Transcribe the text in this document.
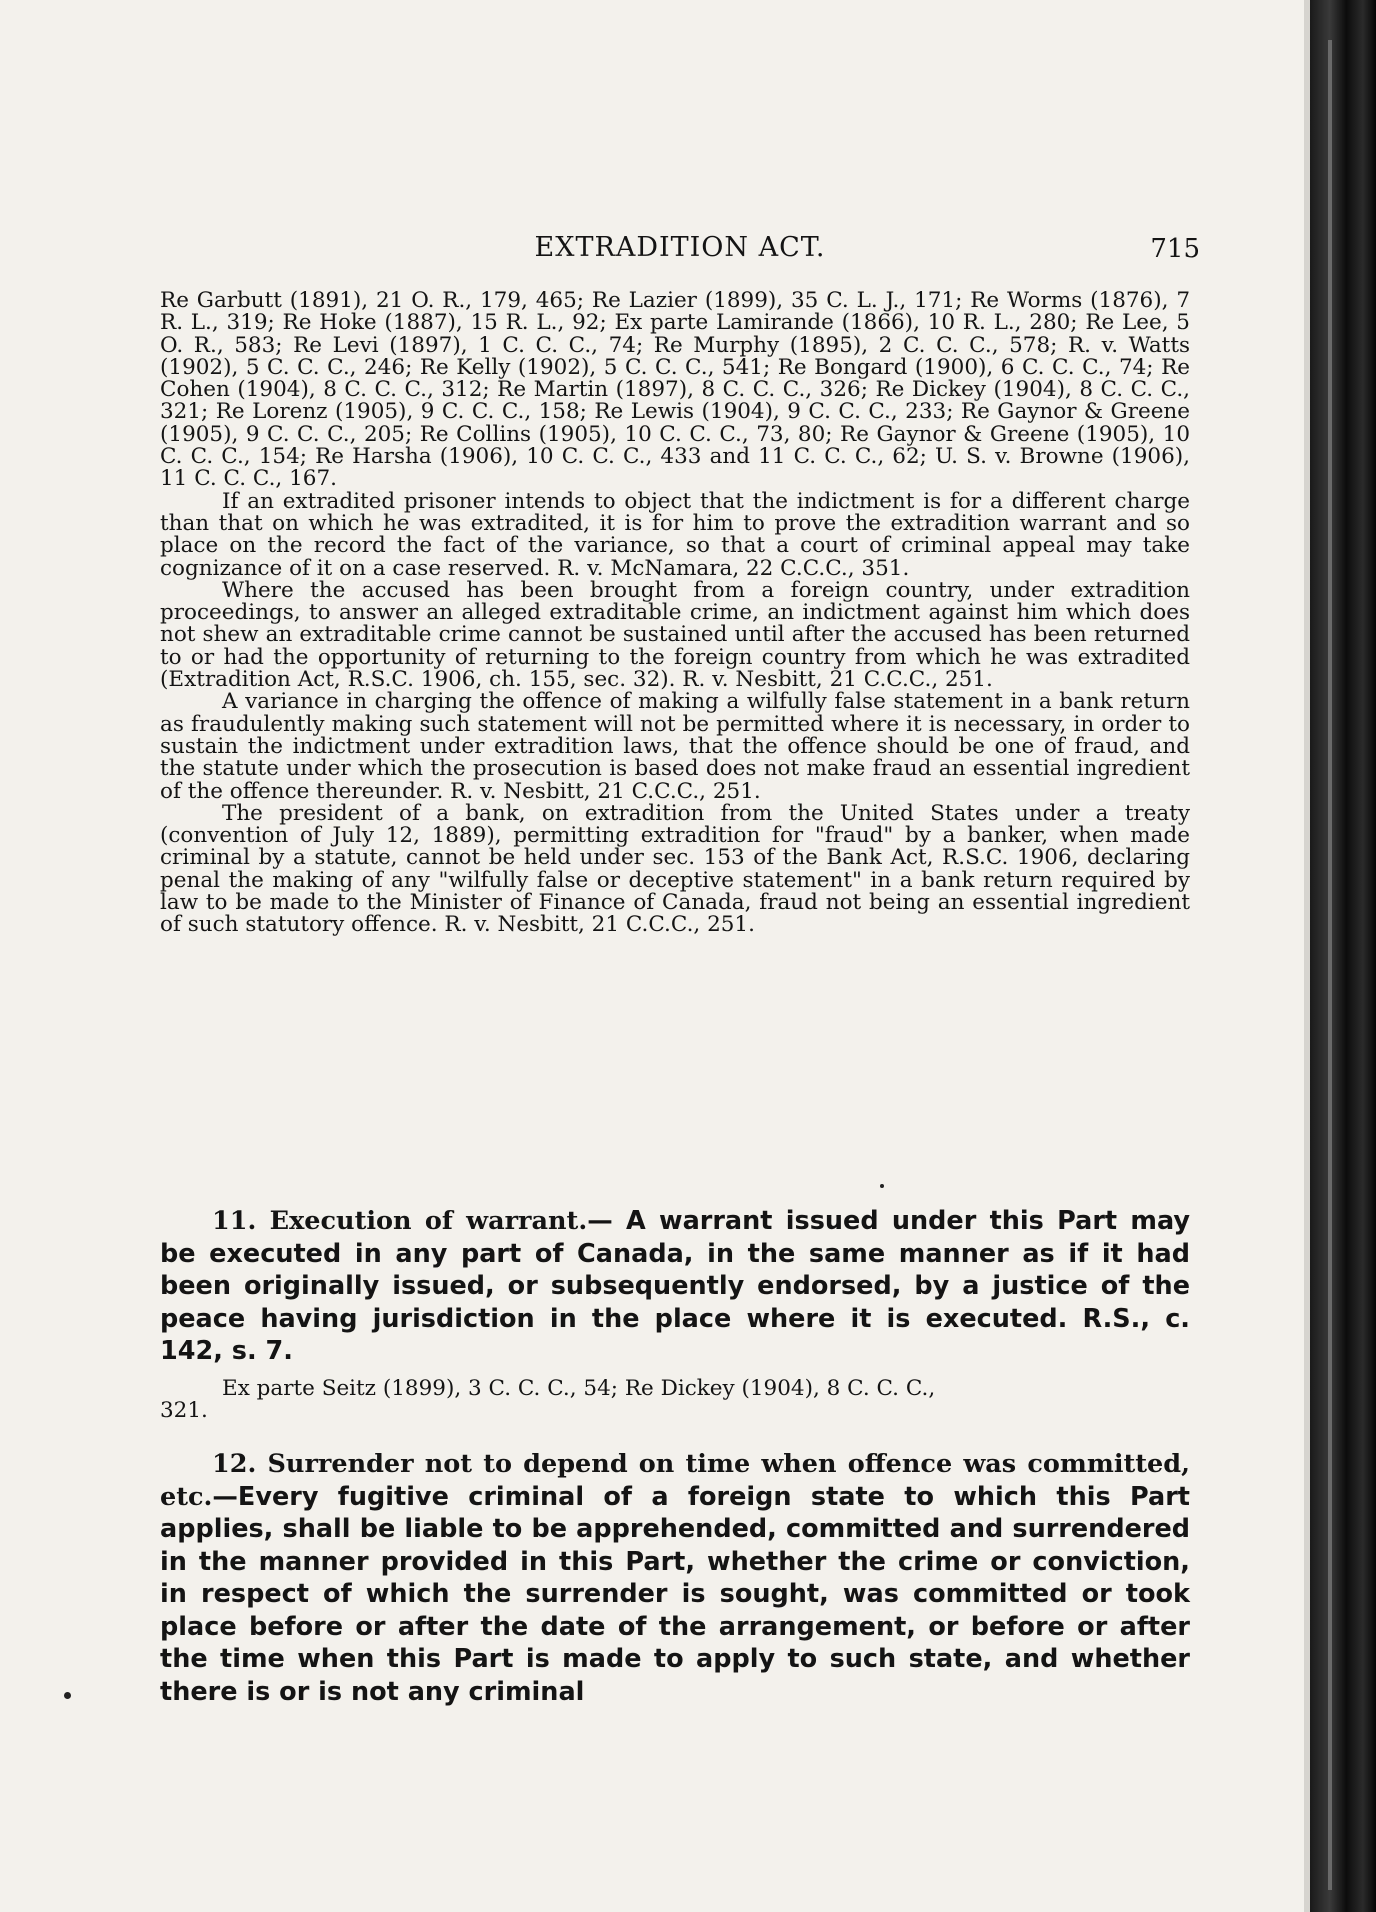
EXTRADITION ACT.	715

Re Garbutt (1891), 21 O. R., 179, 465; Re Lazier (1899), 35 C. L. J., 171; Re Worms (1876), 7 R. L., 319; Re Hoke (1887), 15 R. L., 92; Ex parte Lamirande (1866), 10 R. L., 280; Re Lee, 5 O. R., 583; Re Levi (1897), 1 C. C. C., 74; Re Murphy (1895), 2 C. C. C., 578; R. v. Watts (1902), 5 C. C. C., 246; Re Kelly (1902), 5 C. C. C., 541; Re Bongard (1900), 6 C. C. C., 74; Re Cohen (1904), 8 C. C. C., 312; Re Martin (1897), 8 C. C. C., 326; Re Dickey (1904), 8 C. C. C., 321; Re Lorenz (1905), 9 C. C. C., 158; Re Lewis (1904), 9 C. C. C., 233; Re Gaynor & Greene (1905), 9 C. C. C., 205; Re Collins (1905), 10 C. C. C., 73, 80; Re Gaynor & Greene (1905), 10 C. C. C., 154; Re Harsha (1906), 10 C. C. C., 433 and 11 C. C. C., 62; U. S. v. Browne (1906), 11 C. C. C., 167.

If an extradited prisoner intends to object that the indictment is for a different charge than that on which he was extradited, it is for him to prove the extradition warrant and so place on the record the fact of the variance, so that a court of criminal appeal may take cognizance of it on a case reserved. R. v. McNamara, 22 C.C.C., 351.

Where the accused has been brought from a foreign country, under extradition proceedings, to answer an alleged extraditable crime, an indictment against him which does not shew an extraditable crime cannot be sustained until after the accused has been returned to or had the opportunity of returning to the foreign country from which he was extradited (Extradition Act, R.S.C. 1906, ch. 155, sec. 32). R. v. Nesbitt, 21 C.C.C., 251.

A variance in charging the offence of making a wilfully false statement in a bank return as fraudulently making such statement will not be permitted where it is necessary, in order to sustain the indictment under extradition laws, that the offence should be one of fraud, and the statute under which the prosecution is based does not make fraud an essential ingredient of the offence thereunder. R. v. Nesbitt, 21 C.C.C., 251.

The president of a bank, on extradition from the United States under a treaty (convention of July 12, 1889), permitting extradition for "fraud" by a banker, when made criminal by a statute, cannot be held under sec. 153 of the Bank Act, R.S.C. 1906, declaring penal the making of any "wilfully false or deceptive statement" in a bank return required by law to be made to the Minister of Finance of Canada, fraud not being an essential ingredient of such statutory offence. R. v. Nesbitt, 21 C.C.C., 251.

11. Execution of warrant.— A warrant issued under this Part may be executed in any part of Canada, in the same manner as if it had been originally issued, or subsequently endorsed, by a justice of the peace having jurisdiction in the place where it is executed. R.S., c. 142, s. 7.

Ex parte Seitz (1899), 3 C. C. C., 54; Re Dickey (1904), 8 C. C. C.,
321.

12. Surrender not to depend on time when offence was committed, etc.—Every fugitive criminal of a foreign state to which this Part applies, shall be liable to be apprehended, committed and surrendered in the manner provided in this Part, whether the crime or conviction, in respect of which the surrender is sought, was committed or took place before or after the date of the arrangement, or before or after the time when this Part is made to apply to such state, and whether there is or is not any criminal
